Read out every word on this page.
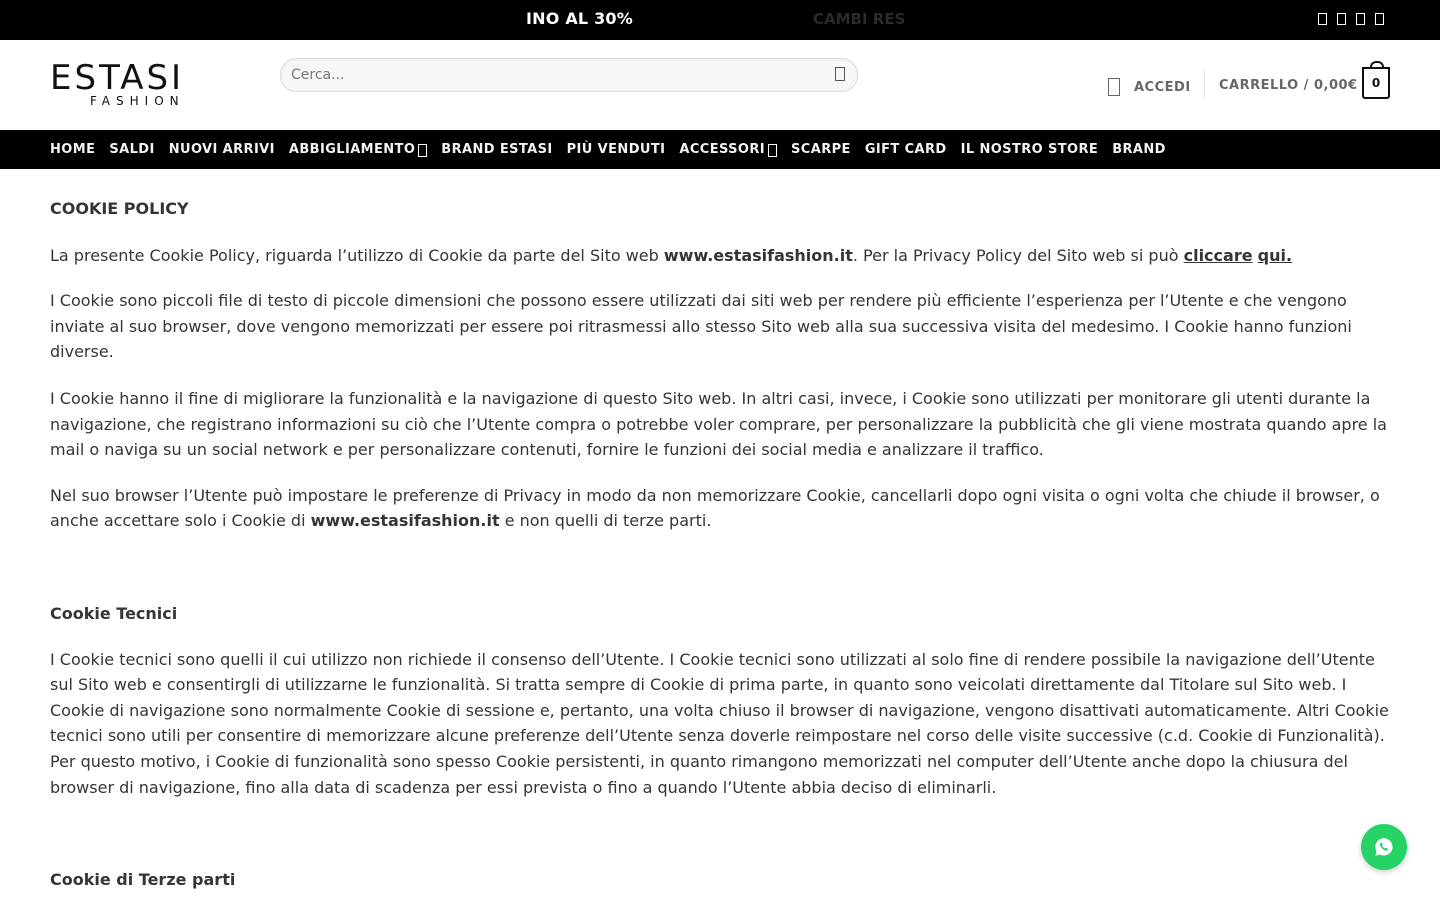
INO AL 30%	CAMBI RES
ESTASI
FASHION
Cerca...
ACCEDI CARRELLO / 0,00€	0
HOME SALDI NUOVI ARRIVI ABBIGLIAMENTO BRAND ESTASI PIÙ VENDUTI ACCESSORI SCARPE GIFT CARD IL NOSTRO STORE BRAND

COOKIE POLICY

La presente Cookie Policy, riguarda l’utilizzo di Cookie da parte del Sito web www.estasifashion.it. Per la Privacy Policy del Sito web si può cliccare qui.

I Cookie sono piccoli file di testo di piccole dimensioni che possono essere utilizzati dai siti web per rendere più efficiente l’esperienza per l’Utente e che vengono inviate al suo browser, dove vengono memorizzati per essere poi ritrasmessi allo stesso Sito web alla sua successiva visita del medesimo. I Cookie hanno funzioni diverse.

I Cookie hanno il fine di migliorare la funzionalità e la navigazione di questo Sito web. In altri casi, invece, i Cookie sono utilizzati per monitorare gli utenti durante la navigazione, che registrano informazioni su ciò che l’Utente compra o potrebbe voler comprare, per personalizzare la pubblicità che gli viene mostrata quando apre la mail o naviga su un social network e per personalizzare contenuti, fornire le funzioni dei social media e analizzare il traffico.

Nel suo browser l’Utente può impostare le preferenze di Privacy in modo da non memorizzare Cookie, cancellarli dopo ogni visita o ogni volta che chiude il browser, o anche accettare solo i Cookie di www.estasifashion.it e non quelli di terze parti.

Cookie Tecnici

I Cookie tecnici sono quelli il cui utilizzo non richiede il consenso dell’Utente. I Cookie tecnici sono utilizzati al solo fine di rendere possibile la navigazione dell’Utente sul Sito web e consentirgli di utilizzarne le funzionalità. Si tratta sempre di Cookie di prima parte, in quanto sono veicolati direttamente dal Titolare sul Sito web. I Cookie di navigazione sono normalmente Cookie di sessione e, pertanto, una volta chiuso il browser di navigazione, vengono disattivati automaticamente. Altri Cookie tecnici sono utili per consentire di memorizzare alcune preferenze dell’Utente senza doverle reimpostare nel corso delle visite successive (c.d. Cookie di Funzionalità). Per questo motivo, i Cookie di funzionalità sono spesso Cookie persistenti, in quanto rimangono memorizzati nel computer dell’Utente anche dopo la chiusura del browser di navigazione, fino alla data di scadenza per essi prevista o fino a quando l’Utente abbia deciso di eliminarli.

Cookie di Terze parti
